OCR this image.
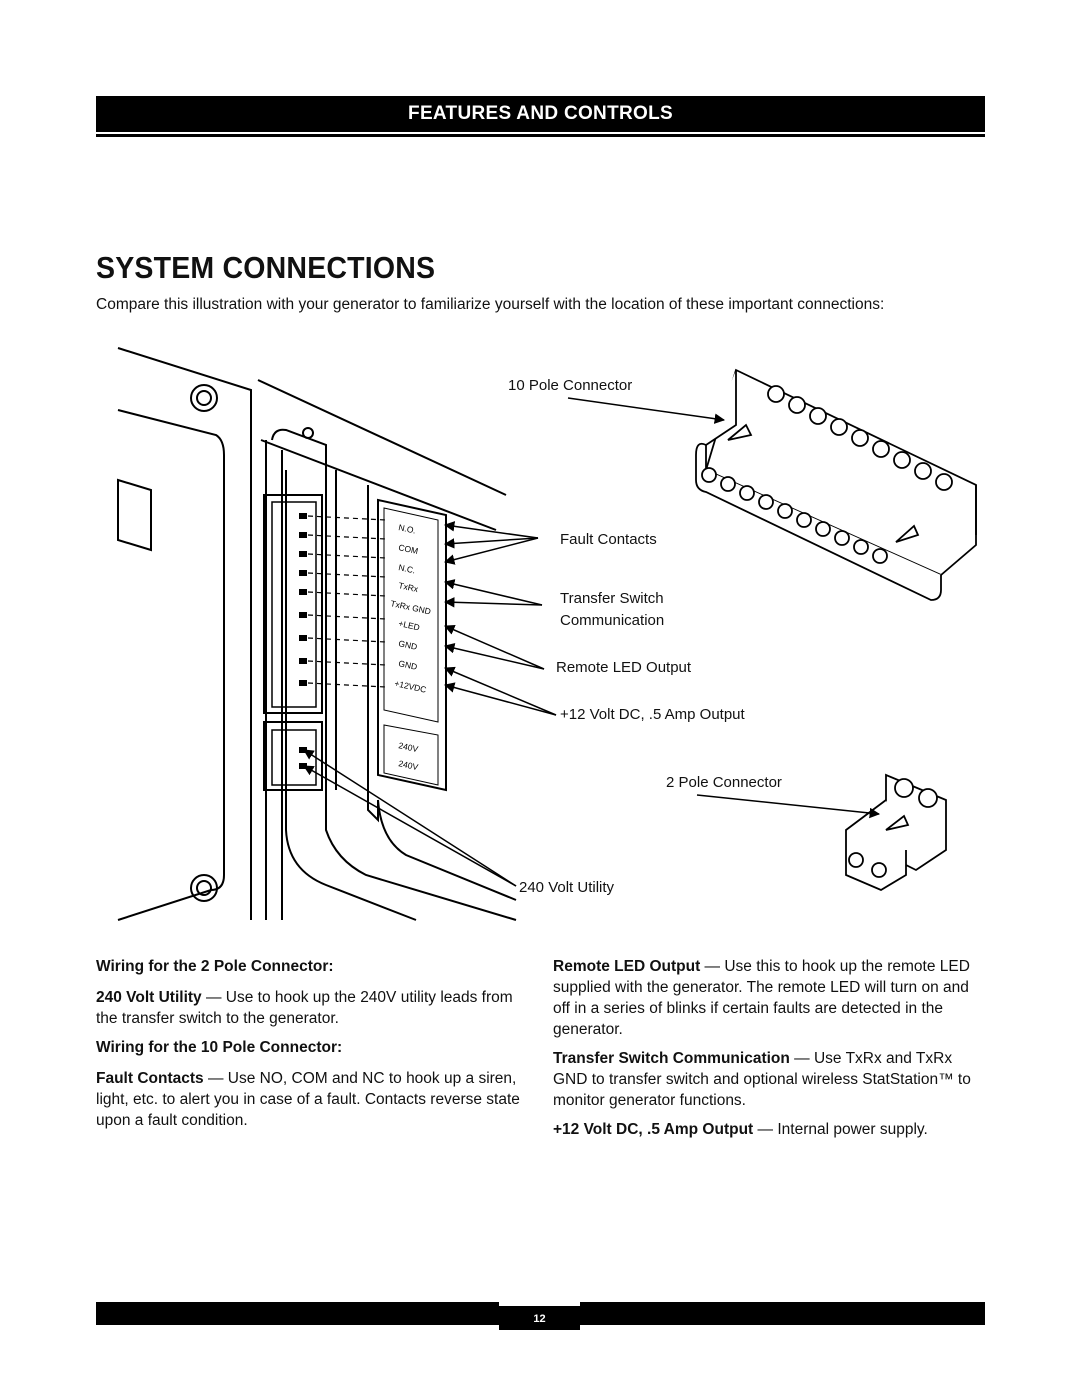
FEATURES AND CONTROLS
SYSTEM CONNECTIONS
Compare this illustration with your generator to familiarize yourself with the location of these important connections:
N.O.
COM
N.C.
TxRx
TxRx GND
+LED
GND
GND
+12VDC
240V
240V
10 Pole Connector
Fault Contacts
Transfer Switch
Communication
Remote LED Output
+12 Volt DC, .5 Amp Output
2 Pole Connector
240 Volt Utility
Wiring for the 2 Pole Connector:

240 Volt Utility — Use to hook up the 240V utility leads from the transfer switch to the generator.

Wiring for the 10 Pole Connector:

Fault Contacts — Use NO, COM and NC to hook up a siren, light, etc. to alert you in case of a fault. Contacts reverse state upon a fault condition.

Remote LED Output — Use this to hook up the remote LED supplied with the generator. The remote LED will turn on and off in a series of blinks if certain faults are detected in the generator.

Transfer Switch Communication — Use TxRx and TxRx GND to transfer switch and optional wireless StatStation™ to monitor generator functions.

+12 Volt DC, .5 Amp Output — Internal power supply.

12
